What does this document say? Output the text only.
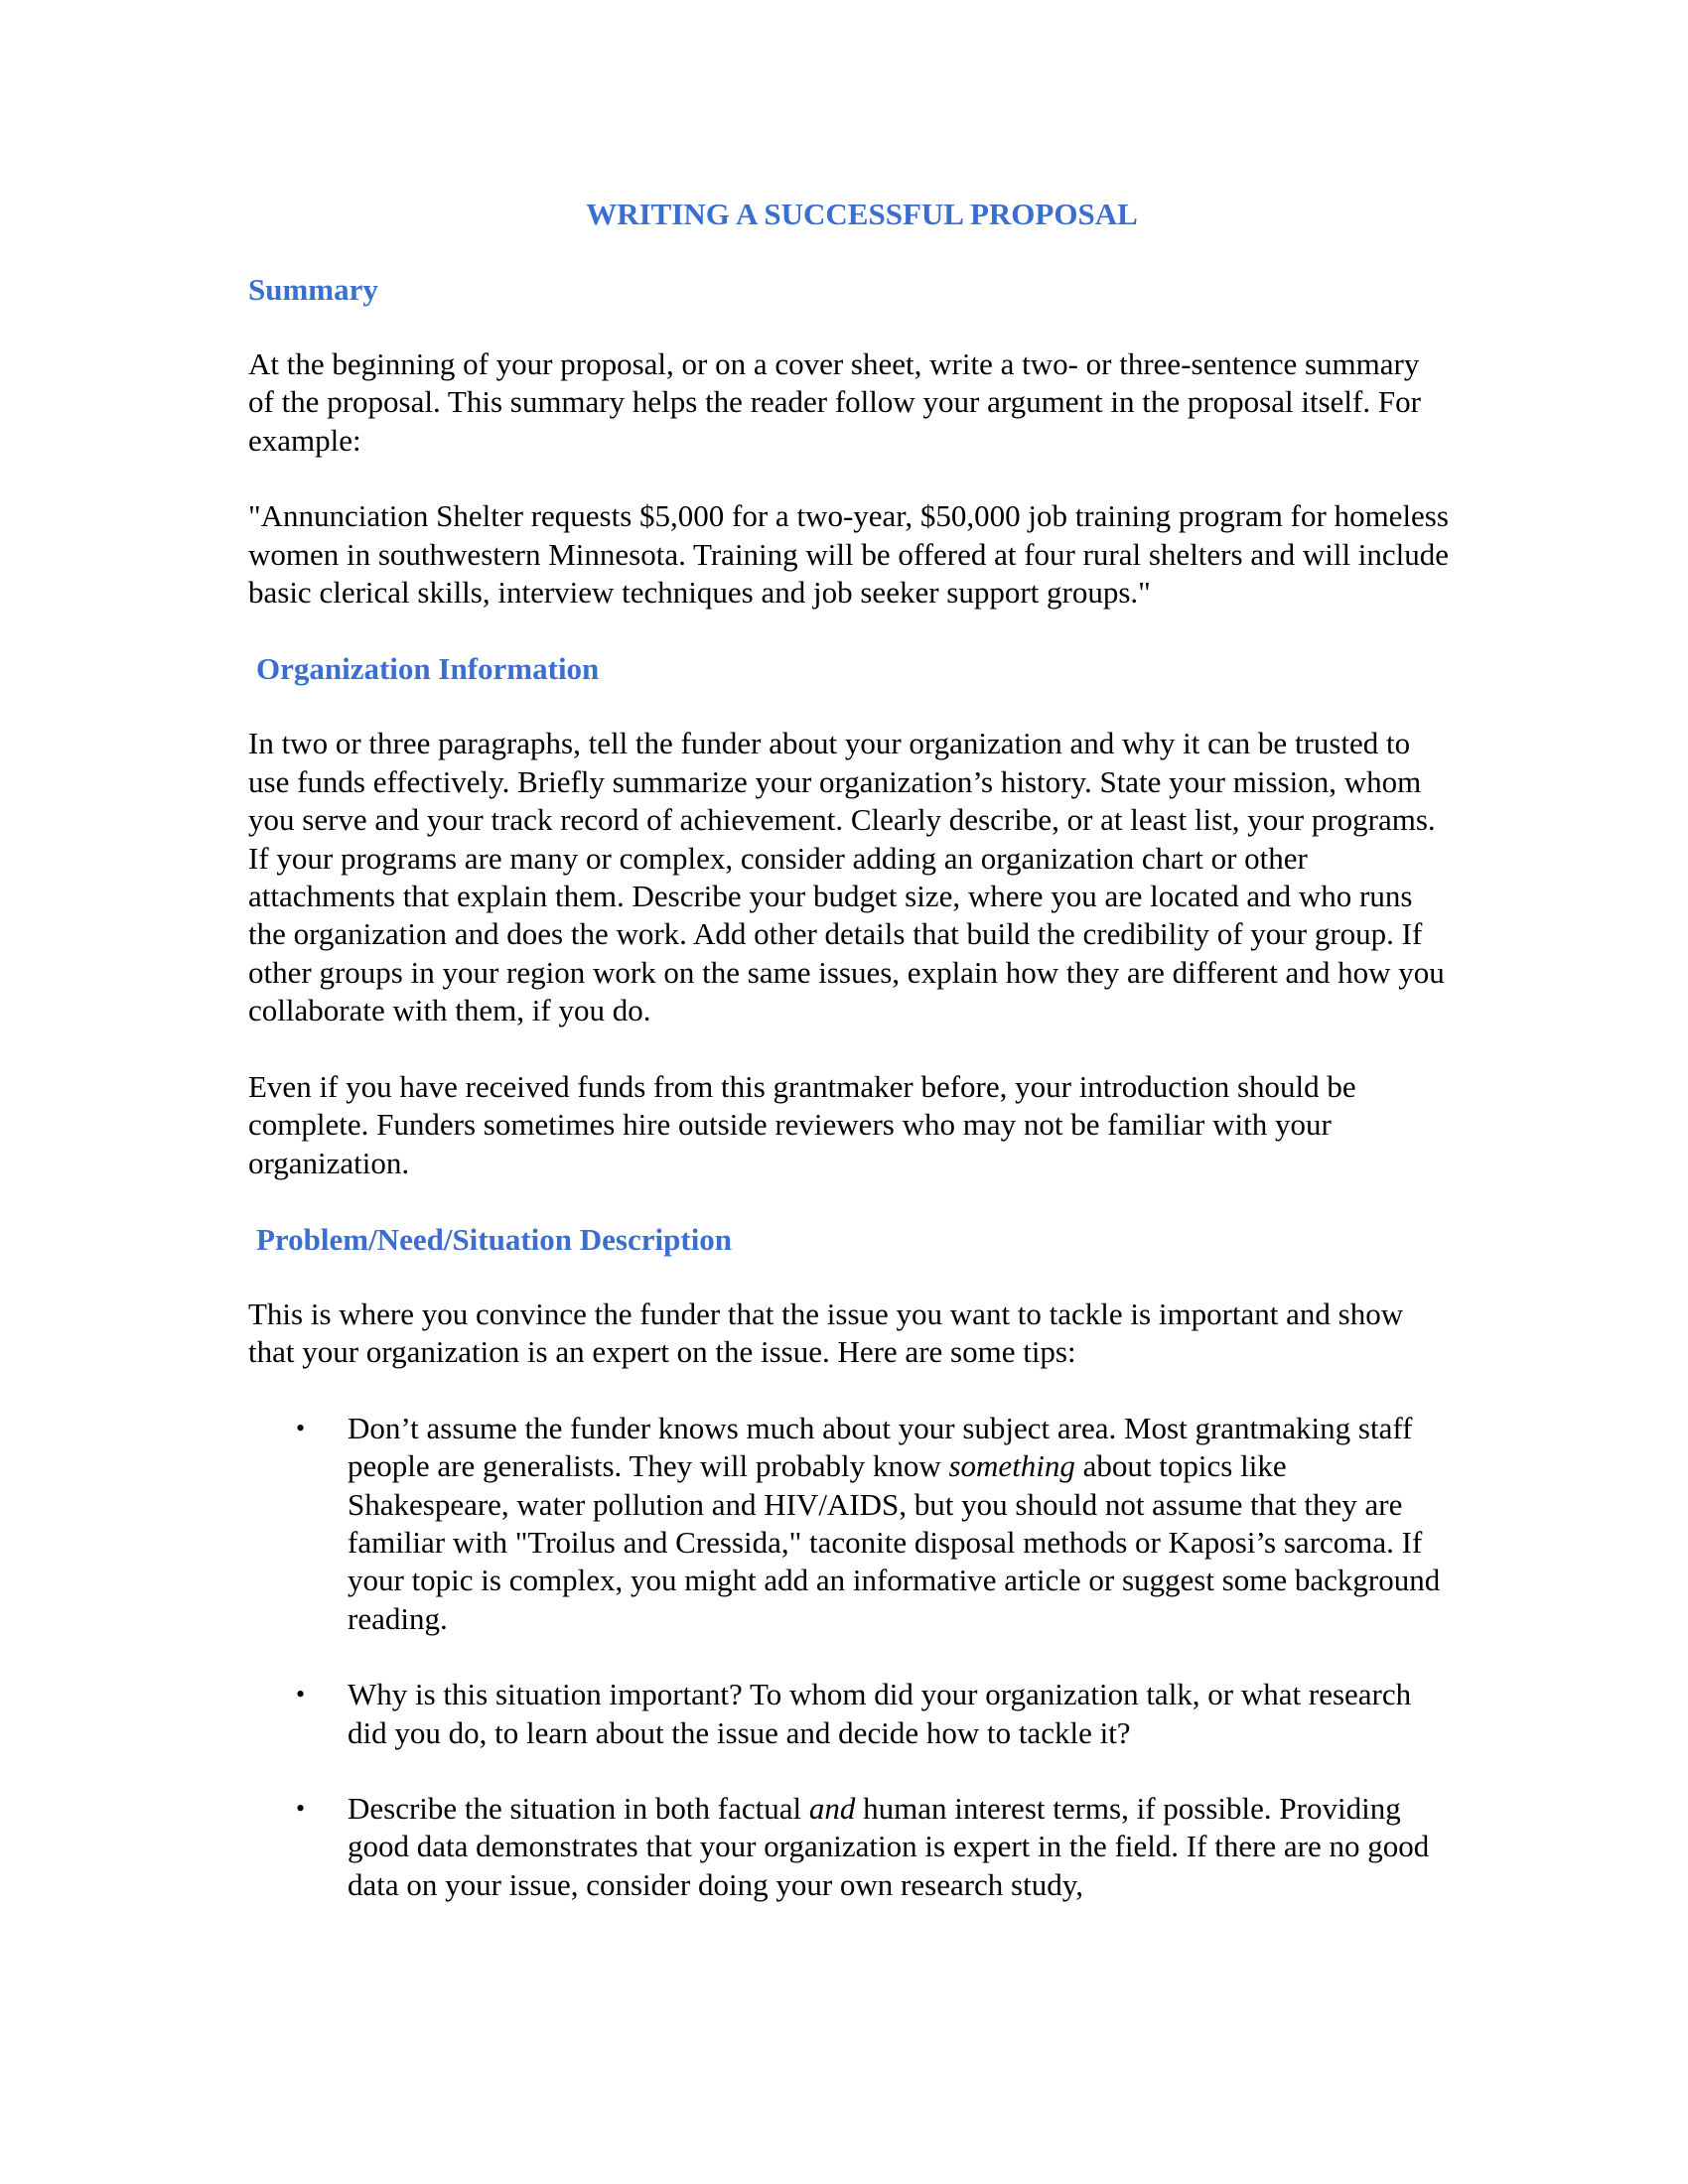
WRITING A SUCCESSFUL PROPOSAL
Summary

At the beginning of your proposal, or on a cover sheet, write a two- or three-sentence summary of the proposal. This summary helps the reader follow your argument in the proposal itself. For example:

"Annunciation Shelter requests $5,000 for a two-year, $50,000 job training program for homeless women in southwestern Minnesota. Training will be offered at four rural shelters and will include basic clerical skills, interview techniques and job seeker support groups."

Organization Information

In two or three paragraphs, tell the funder about your organization and why it can be trusted to use funds effectively. Briefly summarize your organization’s history. State your mission, whom you serve and your track record of achievement. Clearly describe, or at least list, your programs. If your programs are many or complex, consider adding an organization chart or other attachments that explain them. Describe your budget size, where you are located and who runs the organization and does the work. Add other details that build the credibility of your group. If other groups in your region work on the same issues, explain how they are different and how you collaborate with them, if you do.

Even if you have received funds from this grantmaker before, your introduction should be complete. Funders sometimes hire outside reviewers who may not be familiar with your organization.

Problem/Need/Situation Description

This is where you convince the funder that the issue you want to tackle is important and show that your organization is an expert on the issue. Here are some tips:

• Don’t assume the funder knows much about your subject area. Most grantmaking staff people are generalists. They will probably know something about topics like Shakespeare, water pollution and HIV/AIDS, but you should not assume that they are familiar with "Troilus and Cressida," taconite disposal methods or Kaposi’s sarcoma. If your topic is complex, you might add an informative article or suggest some background reading.
• Why is this situation important? To whom did your organization talk, or what research did you do, to learn about the issue and decide how to tackle it?
• Describe the situation in both factual and human interest terms, if possible. Providing good data demonstrates that your organization is expert in the field. If there are no good data on your issue, consider doing your own research study,
